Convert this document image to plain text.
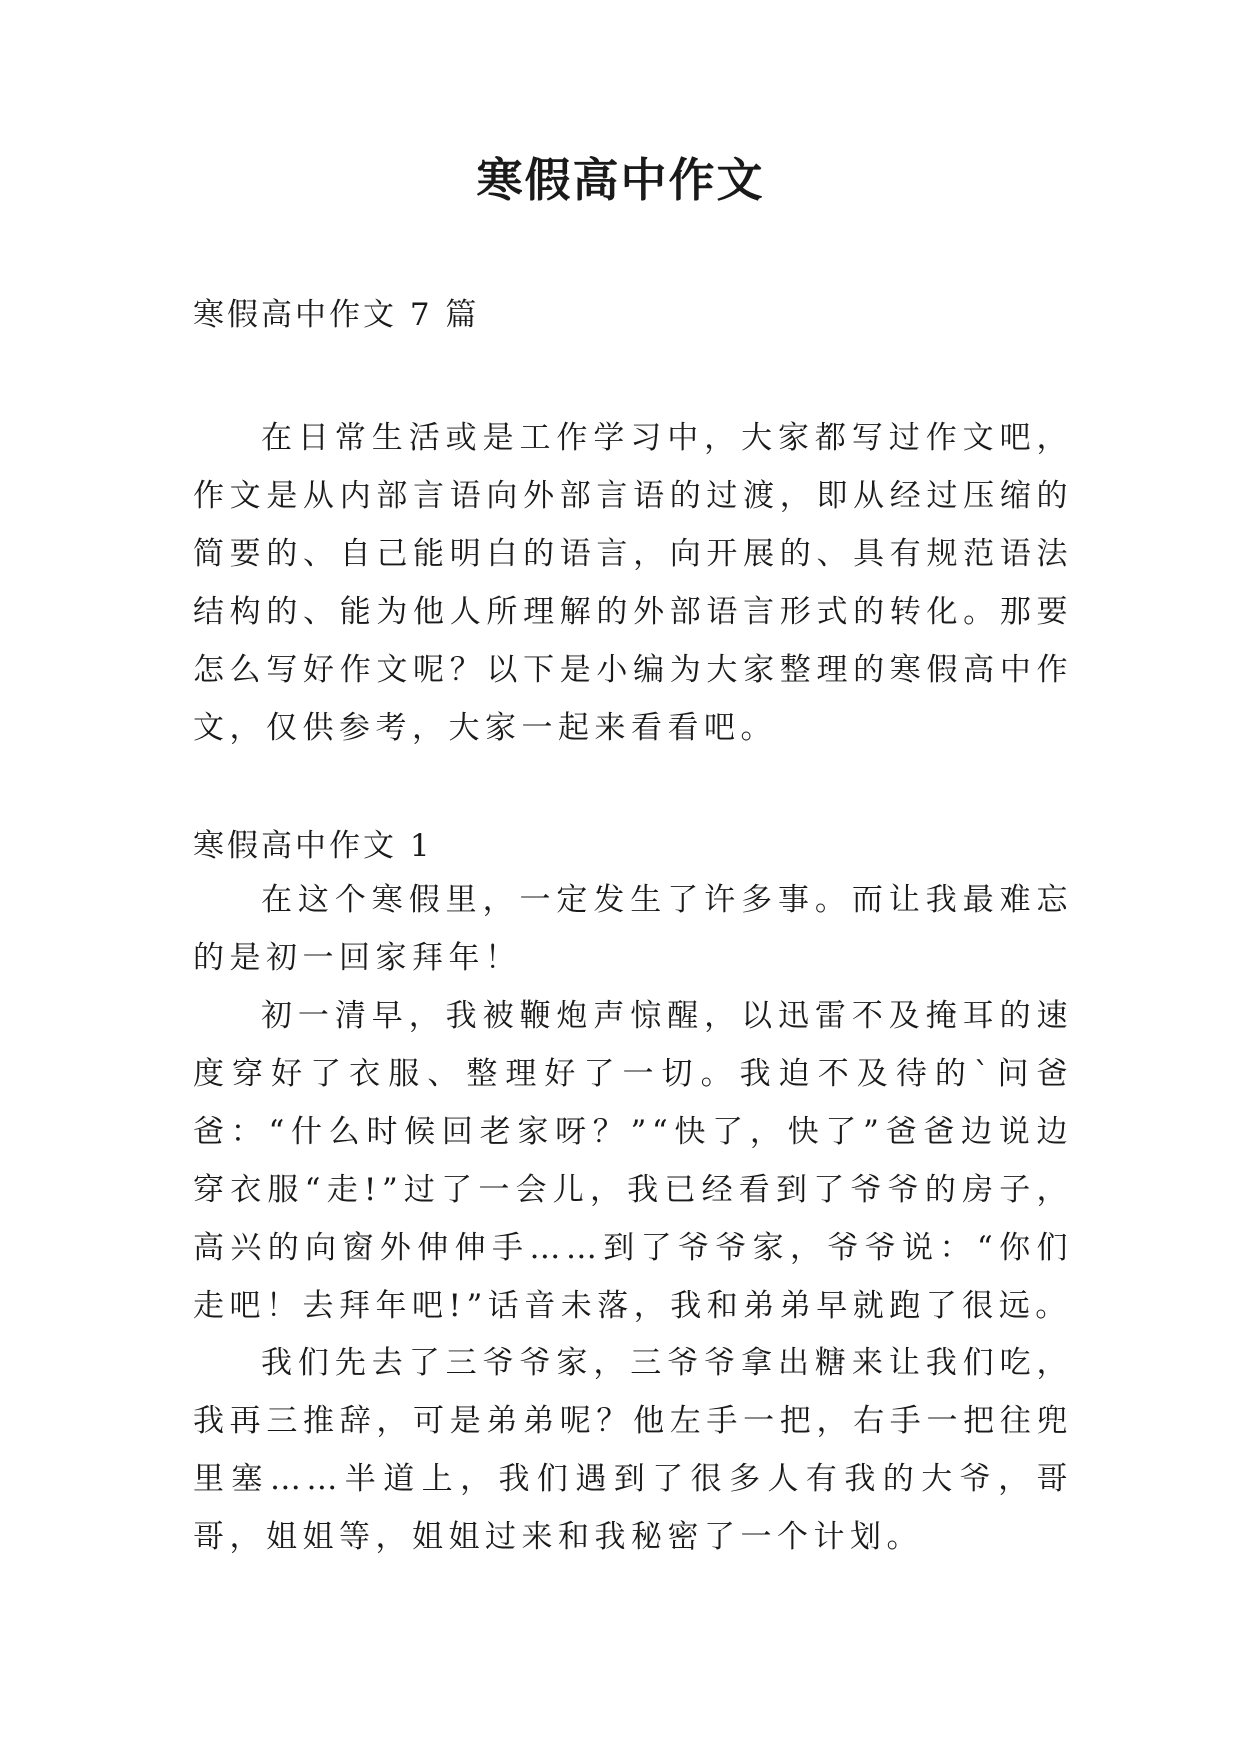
寒假高中作文

寒假高中作文 7 篇

在日常生活或是工作学习中，大家都写过作文吧，作文是从内部言语向外部言语的过渡，即从经过压缩的简要的、自己能明白的语言，向开展的、具有规范语法结构的、能为他人所理解的外部语言形式的转化。那要怎么写好作文呢？以下是小编为大家整理的寒假高中作文，仅供参考，大家一起来看看吧。

寒假高中作文 1

在这个寒假里，一定发生了许多事。而让我最难忘的是初一回家拜年！

初一清早，我被鞭炮声惊醒，以迅雷不及掩耳的速度穿好了衣服、整理好了一切。我迫不及待的`问爸爸：“什么时候回老家呀？”“快了，快了”爸爸边说边穿衣服“走!”过了一会儿，我已经看到了爷爷的房子，高兴的向窗外伸伸手……到了爷爷家，爷爷说：“你们走吧！去拜年吧!”话音未落，我和弟弟早就跑了很远。

我们先去了三爷爷家，三爷爷拿出糖来让我们吃，我再三推辞，可是弟弟呢？他左手一把，右手一把往兜里塞……半道上，我们遇到了很多人有我的大爷，哥哥，姐姐等，姐姐过来和我秘密了一个计划。
